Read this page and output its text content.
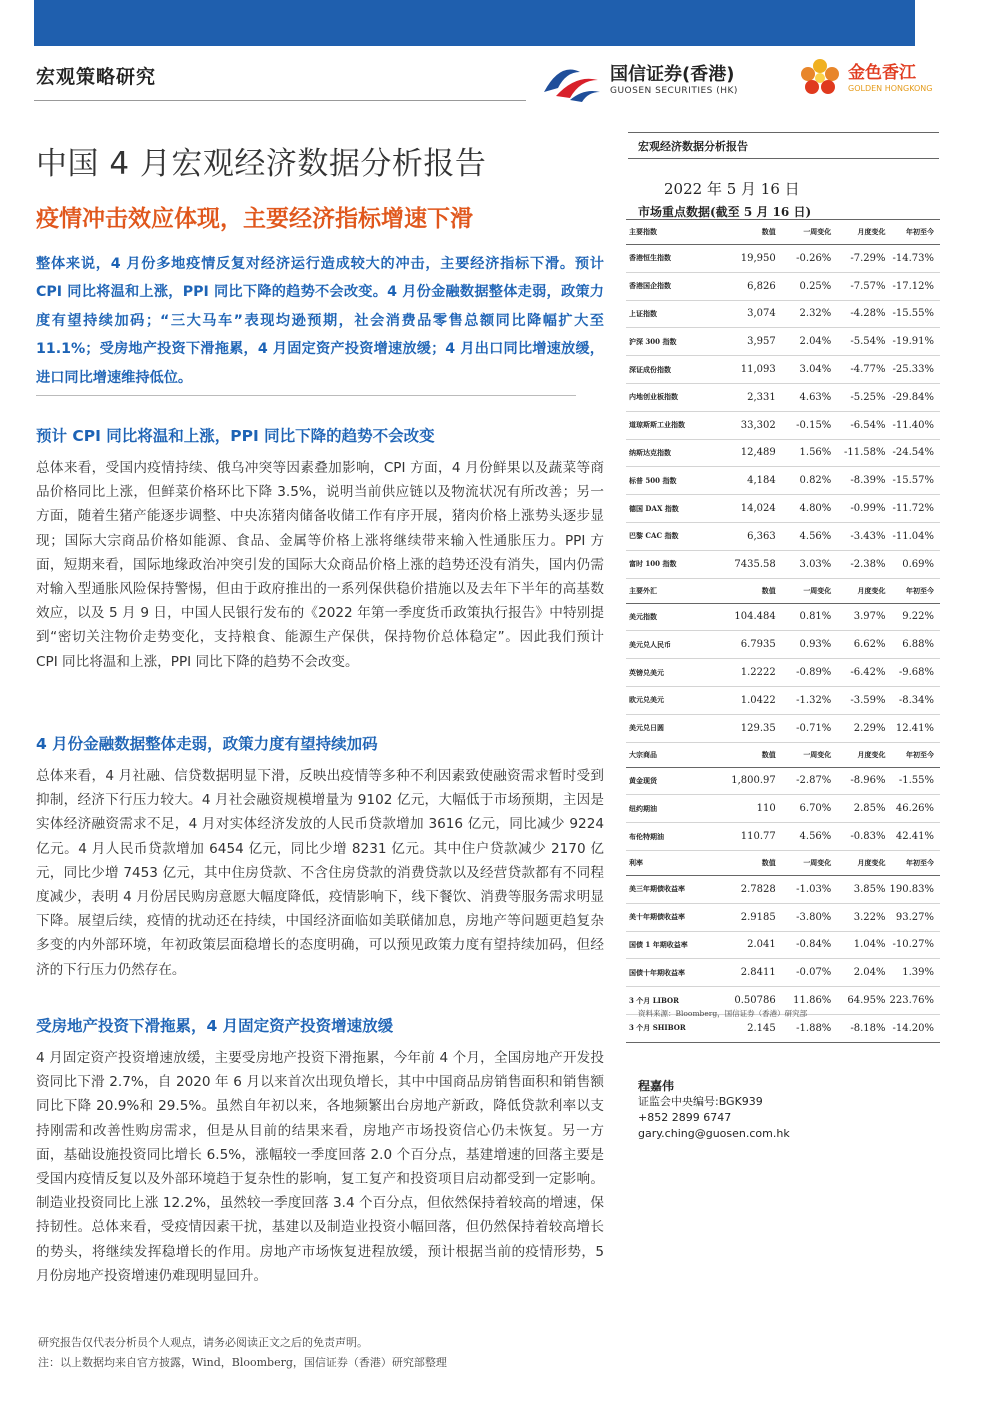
宏观策略研究	国信证券(香港)
GUOSEN SECURITIES (HK)
金色香江
GOLDEN HONGKONG
中国 4 月宏观经济数据分析报告
疫情冲击效应体现，主要经济指标增速下滑
整体来说，4 月份多地疫情反复对经济运行造成较大的冲击，主要经济指标下滑。预计 CPI 同比将温和上涨，PPI 同比下降的趋势不会改变。4 月份金融数据整体走弱，政策力度有望持续加码；“三大马车”表现均逊预期，社会消费品零售总额同比降幅扩大至 11.1%；受房地产投资下滑拖累，4 月固定资产投资增速放缓；4 月出口同比增速放缓，进口同比增速维持低位。
预计 CPI 同比将温和上涨，PPI 同比下降的趋势不会改变

总体来看，受国内疫情持续、俄乌冲突等因素叠加影响，CPI 方面，4 月份鲜果以及蔬菜等商品价格同比上涨，但鲜菜价格环比下降 3.5%，说明当前供应链以及物流状况有所改善；另一方面，随着生猪产能逐步调整、中央冻猪肉储备收储工作有序开展，猪肉价格上涨势头逐步显现；国际大宗商品价格如能源、食品、金属等价格上涨将继续带来输入性通胀压力。PPI 方面，短期来看，国际地缘政治冲突引发的国际大众商品价格上涨的趋势还没有消失，国内仍需对输入型通胀风险保持警惕，但由于政府推出的一系列保供稳价措施以及去年下半年的高基数效应，以及 5 月 9 日，中国人民银行发布的《2022 年第一季度货币政策执行报告》中特别提到“密切关注物价走势变化，支持粮食、能源生产保供，保持物价总体稳定”。因此我们预计 CPI 同比将温和上涨，PPI 同比下降的趋势不会改变。

4 月份金融数据整体走弱，政策力度有望持续加码

总体来看，4 月社融、信贷数据明显下滑，反映出疫情等多种不利因素致使融资需求暂时受到抑制，经济下行压力较大。4 月社会融资规模增量为 9102 亿元，大幅低于市场预期，主因是实体经济融资需求不足，4 月对实体经济发放的人民币贷款增加 3616 亿元，同比减少 9224 亿元。4 月人民币贷款增加 6454 亿元，同比少增 8231 亿元。其中住户贷款减少 2170 亿元，同比少增 7453 亿元，其中住房贷款、不含住房贷款的消费贷款以及经营贷款都有不同程度减少，表明 4 月份居民购房意愿大幅度降低，疫情影响下，线下餐饮、消费等服务需求明显下降。展望后续，疫情的扰动还在持续，中国经济面临如美联储加息，房地产等问题更趋复杂多变的内外部环境，年初政策层面稳增长的态度明确，可以预见政策力度有望持续加码，但经济的下行压力仍然存在。

受房地产投资下滑拖累，4 月固定资产投资增速放缓

4 月固定资产投资增速放缓，主要受房地产投资下滑拖累，今年前 4 个月，全国房地产开发投资同比下滑 2.7%，自 2020 年 6 月以来首次出现负增长，其中中国商品房销售面积和销售额同比下降 20.9%和 29.5%。虽然自年初以来，各地频繁出台房地产新政，降低贷款利率以支持刚需和改善性购房需求，但是从目前的结果来看，房地产市场投资信心仍未恢复。另一方面，基础设施投资同比增长 6.5%，涨幅较一季度回落 2.0 个百分点，基建增速的回落主要是受国内疫情反复以及外部环境趋于复杂性的影响，复工复产和投资项目启动都受到一定影响。制造业投资同比上涨 12.2%，虽然较一季度回落 3.4 个百分点，但依然保持着较高的增速，保持韧性。总体来看，受疫情因素干扰，基建以及制造业投资小幅回落，但仍然保持着较高增长的势头，将继续发挥稳增长的作用。房地产市场恢复进程放缓，预计根据当前的疫情形势，5 月份房地产投资增速仍难现明显回升。

研究报告仅代表分析员个人观点，请务必阅读正文之后的免责声明。
注：以上数据均来自官方披露，Wind，Bloomberg，国信证券（香港）研究部整理
宏观经济数据分析报告
2022 年 5 月 16 日
市场重点数据(截至 5 月 16 日)
主要指数	数值	一周变化	月度变化	年初至今
香港恒生指数	19,950	-0.26%	-7.29%	-14.73%
香港国企指数	6,826	0.25%	-7.57%	-17.12%
上证指数	3,074	2.32%	-4.28%	-15.55%
沪深 300 指数	3,957	2.04%	-5.54%	-19.91%
深证成份指数	11,093	3.04%	-4.77%	-25.33%
内地创业板指数	2,331	4.63%	-5.25%	-29.84%
道琼斯斯工业指数	33,302	-0.15%	-6.54%	-11.40%
纳斯达克指数	12,489	1.56%	-11.58%	-24.54%
标普 500 指数	4,184	0.82%	-8.39%	-15.57%
德国 DAX 指数	14,024	4.80%	-0.99%	-11.72%
巴黎 CAC 指数	6,363	4.56%	-3.43%	-11.04%
富时 100 指数	7435.58	3.03%	-2.38%	0.69%
主要外汇	数值	一周变化	月度变化	年初至今
美元指数	104.484	0.81%	3.97%	9.22%
美元兑人民币	6.7935	0.93%	6.62%	6.88%
英镑兑美元	1.2222	-0.89%	-6.42%	-9.68%
欧元兑美元	1.0422	-1.32%	-3.59%	-8.34%
美元兑日圆	129.35	-0.71%	2.29%	12.41%
大宗商品	数值	一周变化	月度变化	年初至今
黄金现货	1,800.97	-2.87%	-8.96%	-1.55%
纽约期油	110	6.70%	2.85%	46.26%
布伦特期油	110.77	4.56%	-0.83%	42.41%
利率	数值	一周变化	月度变化	年初至今
美三年期债收益率	2.7828	-1.03%	3.85%	190.83%
美十年期债收益率	2.9185	-3.80%	3.22%	93.27%
国债 1 年期收益率	2.041	-0.84%	1.04%	-10.27%
国债十年期收益率	2.8411	-0.07%	2.04%	1.39%
3 个月 LIBOR	0.50786	11.86%	64.95%	223.76%
3 个月 SHIBOR	2.145	-1.88%	-8.18%	-14.20%
资料来源：Bloomberg，国信证券（香港）研究部
程嘉伟
证监会中央编号:BGK939
+852 2899 6747
gary.ching@guosen.com.hk
